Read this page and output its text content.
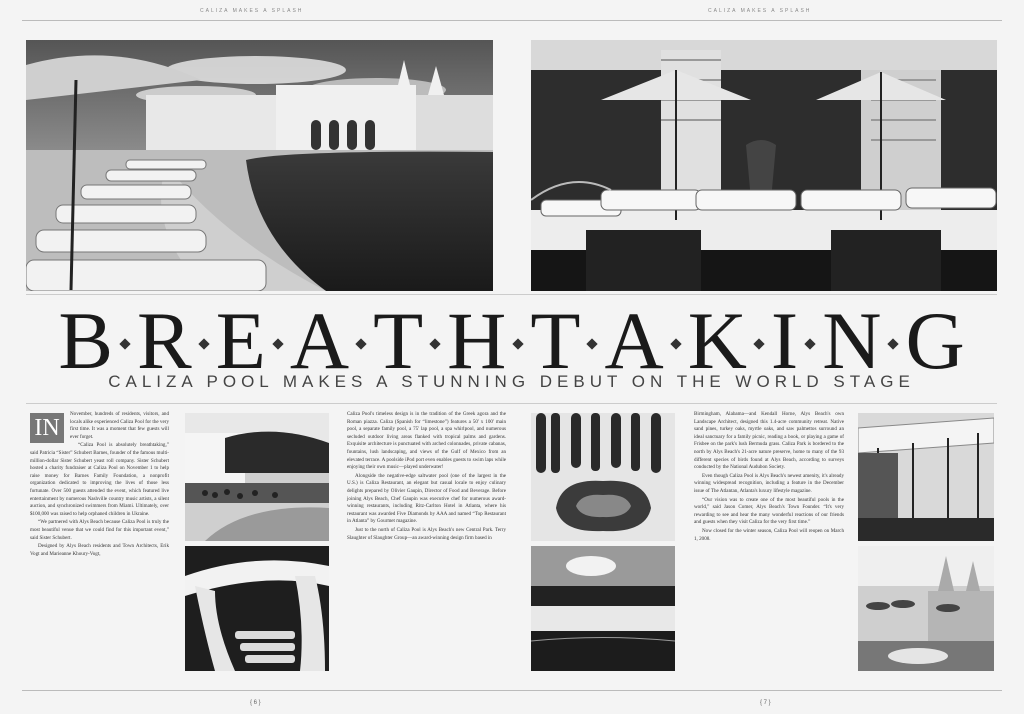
CALIZA MAKES A SPLASH	CALIZA MAKES A SPLASH
B R E A T H T A K I N G
CALIZA POOL MAKES A STUNNING DEBUT ON THE WORLD STAGE
IN

November, hundreds of residents, visitors, and locals alike experienced Caliza Pool for the very first time. It was a moment that few guests will ever forget.

“Caliza Pool is absolutely breathtaking,” said Patricia “Sister” Schubert Barnes, founder of the famous multi-million-dollar Sister Schubert yeast roll company. Sister Schubert hosted a charity fundraiser at Caliza Pool on November 1 to help raise money for Barnes Family Foundation, a nonprofit organization dedicated to improving the lives of those less fortunate. Over 500 guests attended the event, which featured live entertainment by numerous Nashville country music artists, a silent auction, and synchronized swimmers from Miami. Ultimately, over $100,000 was raised to help orphaned children in Ukraine.

“We partnered with Alys Beach because Caliza Pool is truly the most beautiful venue that we could find for this important event,” said Sister Schubert.

Designed by Alys Beach residents and Town Architects, Erik Vogt and Marieanne Khoury-Vogt,

Caliza Pool's timeless design is in the tradition of the Greek agora and the Roman piazza. Caliza (Spanish for “limestone”) features a 50' x 100' main pool, a separate family pool, a 75' lap pool, a spa whirlpool, and numerous secluded outdoor living areas flanked with tropical palms and gardens. Exquisite architecture is punctuated with arched colonnades, private cabanas, fountains, lush landscaping, and views of the Gulf of Mexico from an elevated terrace. A poolside iPod port even enables guests to swim laps while enjoying their own music—played underwater!

Alongside the negative-edge saltwater pool (one of the largest in the U.S.) is Caliza Restaurant, an elegant but casual locale to enjoy culinary delights prepared by Olivier Gaupin, Director of Food and Beverage. Before joining Alys Beach, Chef Gaupin was executive chef for numerous award-winning restaurants, including Ritz-Carlton Hotel in Atlanta, where his restaurant was awarded Five Diamonds by AAA and named “Top Restaurant in Atlanta” by Gourmet magazine.

Just to the north of Caliza Pool is Alys Beach's new Central Park. Terry Slaughter of Slaughter Group—an award-winning design firm based in

Birmingham, Alabama—and Kendall Horne, Alys Beach's own Landscape Architect, designed this 1.4-acre community retreat. Native sand pines, turkey oaks, myrtle oaks, and saw palmettos surround an ideal sanctuary for a family picnic, reading a book, or playing a game of Frisbee on the park's lush Bermuda grass. Caliza Park is bordered to the north by Alys Beach's 21-acre nature preserve, home to many of the 93 different species of birds found at Alys Beach, according to surveys conducted by the National Audubon Society.

Even though Caliza Pool is Alys Beach's newest amenity, it's already winning widespread recognition, including a feature in the December issue of The Atlantan, Atlanta's luxury lifestyle magazine.

“Our vision was to create one of the most beautiful pools in the world,” said Jason Comer, Alys Beach's Town Founder. “It's very rewarding to see and hear the many wonderful reactions of our friends and guests when they visit Caliza for the very first time.”

Now closed for the winter season, Caliza Pool will reopen on March 1, 2008.

{ 6 }	{ 7 }
